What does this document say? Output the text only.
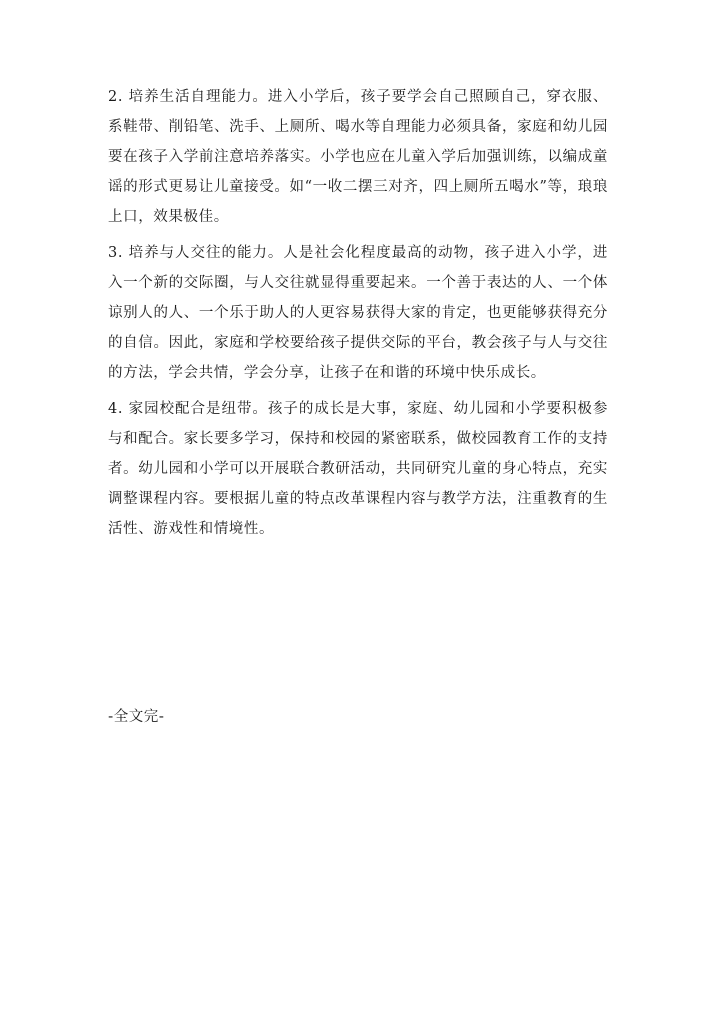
2. 培养生活自理能力。进入小学后，孩子要学会自己照顾自己，穿衣服、系鞋带、削铅笔、洗手、上厕所、喝水等自理能力必须具备，家庭和幼儿园要在孩子入学前注意培养落实。小学也应在儿童入学后加强训练，以编成童谣的形式更易让儿童接受。如“一收二摆三对齐，四上厕所五喝水”等，琅琅上口，效果极佳。

3. 培养与人交往的能力。人是社会化程度最高的动物，孩子进入小学，进入一个新的交际圈，与人交往就显得重要起来。一个善于表达的人、一个体谅别人的人、一个乐于助人的人更容易获得大家的肯定，也更能够获得充分的自信。因此，家庭和学校要给孩子提供交际的平台，教会孩子与人与交往的方法，学会共情，学会分享，让孩子在和谐的环境中快乐成长。

4. 家园校配合是纽带。孩子的成长是大事，家庭、幼儿园和小学要积极参与和配合。家长要多学习，保持和校园的紧密联系，做校园教育工作的支持者。幼儿园和小学可以开展联合教研活动，共同研究儿童的身心特点，充实调整课程内容。要根据儿童的特点改革课程内容与教学方法，注重教育的生活性、游戏性和情境性。

-全文完-
